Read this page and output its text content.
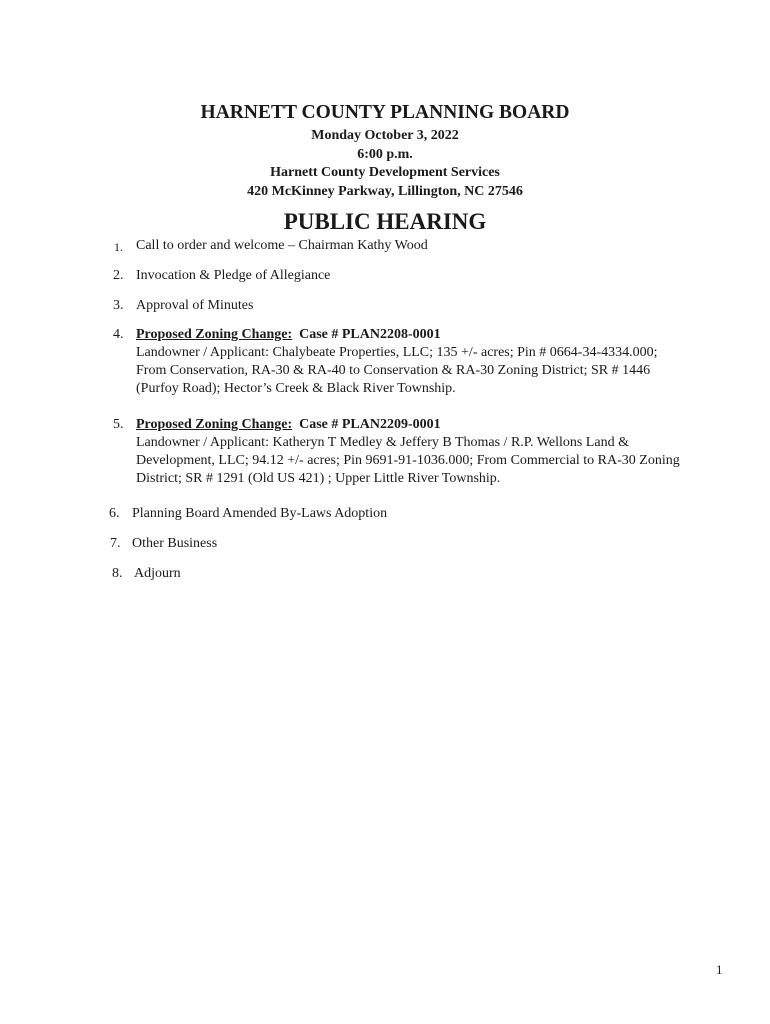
HARNETT COUNTY PLANNING BOARD
Monday October 3, 2022
6:00 p.m.
Harnett County Development Services
420 McKinney Parkway, Lillington, NC 27546
PUBLIC HEARING
1. Call to order and welcome – Chairman Kathy Wood
2. Invocation & Pledge of Allegiance
3. Approval of Minutes
4. Proposed Zoning Change: Case # PLAN2208-0001
Landowner / Applicant: Chalybeate Properties, LLC; 135 +/- acres; Pin # 0664-34-4334.000;
From Conservation, RA-30 & RA-40 to Conservation & RA-30 Zoning District; SR # 1446
(Purfoy Road); Hector’s Creek & Black River Township.
5. Proposed Zoning Change: Case # PLAN2209-0001
Landowner / Applicant: Katheryn T Medley & Jeffery B Thomas / R.P. Wellons Land &
Development, LLC; 94.12 +/- acres; Pin 9691-91-1036.000; From Commercial to RA-30 Zoning
District; SR # 1291 (Old US 421) ; Upper Little River Township.
6. Planning Board Amended By-Laws Adoption
7. Other Business
8. Adjourn
1
